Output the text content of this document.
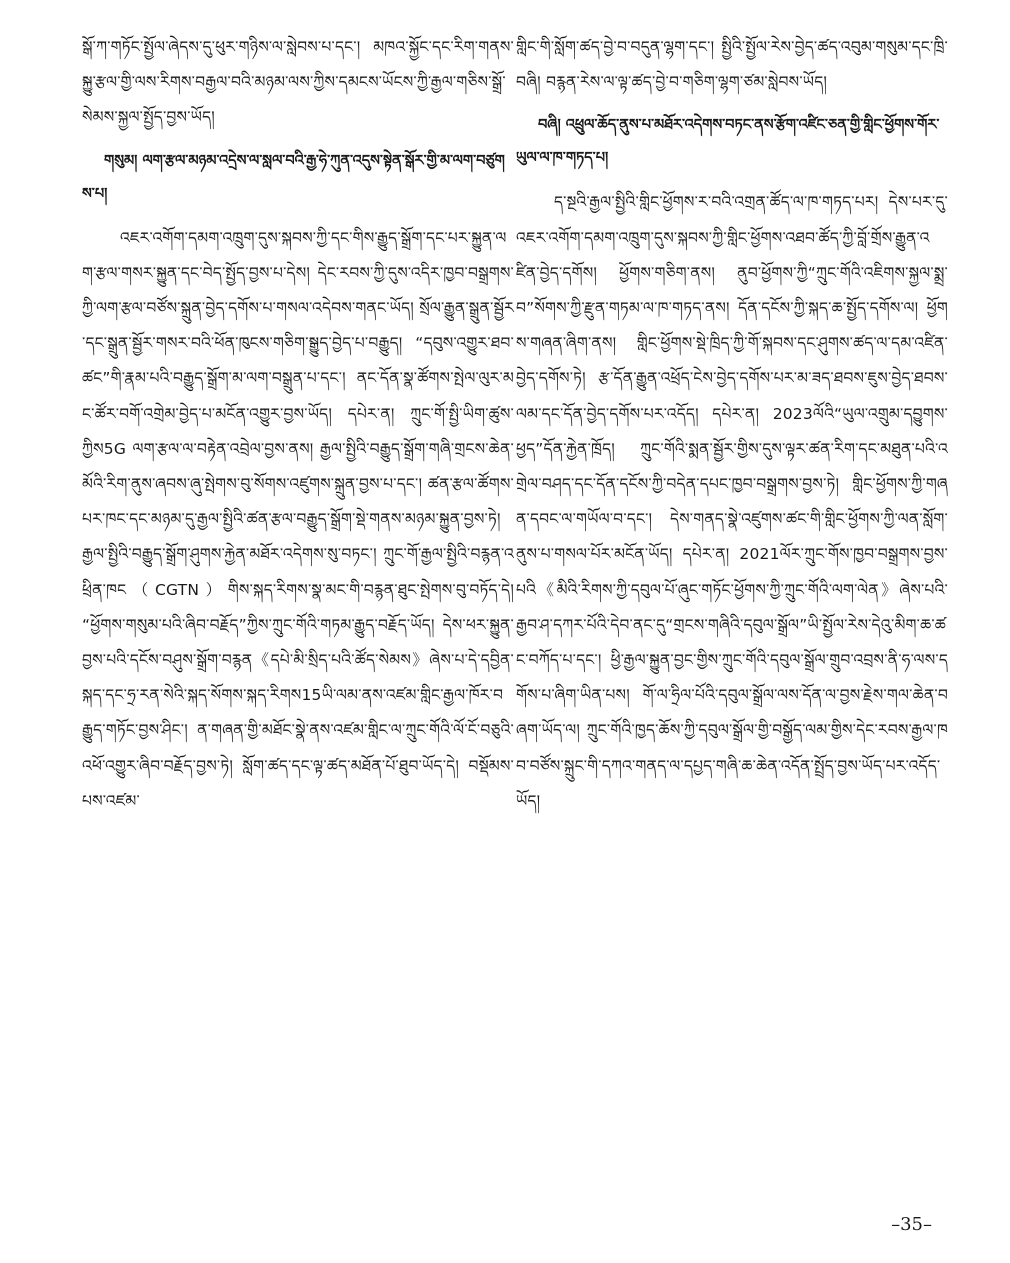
སྒོ་ཀ་གཏོང་སྤྱོལ་ཞེདས་དུ་ཕུར་གཉིས་ལ་སླེབས་པ་དང་། མཁའ་སྐྱོང་དང་རིག་གནས་སྐྱུ་རྩལ་གྱི་ལས་རིགས་བརྒྱལ་བའི་མཉམ་ལས་ཀྱིས་དམངས་ཡོངས་ཀྱི་རྒྱལ་གཅིས་སྒྲོ་སེམས་སྐྱལ་སྤྱོད་བྱས་ཡོད།

གསུམ། ལག་རྩལ་མཉམ་འདྲེས་ལ་སླལ་བའི་རྒྱ་ཧེ་ཀུན་འདུས་སྟེན་སྒོར་གྱི་མ་ལག་བཙུགས་པ།

འཇར་འགོག་དམག་འཁྲུག་དུས་སྐབས་ཀྱི་དང་གིས་རྒྱུད་སྒྲོག་དང་པར་སྐྱུན་ལག་རྩལ་གསར་སྐྱུན་དང་བེད་སྤྱོད་བྱས་པ་དེས། དེང་རབས་ཀྱི་དུས་འདིར་ཁྱབ་བསྒྲགས་ཀྱི་ལག་རྩལ་བཙོས་སྐྲུན་བྱེད་དགོས་པ་གསལ་འདེབས་གནང་ཡོད། སྲོལ་རྒྱུན་སྒྲུན་སྦྱོར་དང་སྒྲུན་སྦྱོར་གསར་བའི་ཕོན་ཁུངས་གཅིག་སྒྱུད་བྱེད་པ་བརྒྱུད། “དབུས་འགྱུར་ཐབ་ཚང”གི་རྣམ་པའི་བརྒྱུད་སྒྲོག་མ་ལག་བསྒྲུན་པ་དང་། ནང་དོན་སྣ་ཚོགས་སྤེལ་ལུར་མང་ཚོར་བགོ་འགྲེམ་བྱེད་པ་མངོན་འགྱུར་བྱས་ཡོད། དཔེར་ན། ཀྲུང་གོ་སྤྱི་ཡིག་ཚུས་ཀྱིས5G ལག་རྩལ་ལ་བརྟེན་འབྲེལ་བྱས་ནས། རྒྱལ་སྤྱིའི་བརྒྱུད་སྒྲོག་གཞི་གྲངས་ཆེན་མོའི་རིག་ནུས་ཞབས་ཞུ་སྤེགས་བུ་སོགས་འཛུགས་སྐྲུན་བྱས་པ་དང་། ཚན་རྩལ་ཚོགས་པར་ཁང་དང་མཉམ་དུ་རྒྱལ་སྤྱིའི་ཚན་རྩལ་བརྒྱུད་སྒྲོག་སྡེ་གནས་མཉམ་སྐྱུན་བྱས་ཏེ། རྒྱལ་སྤྱིའི་བརྒྱུད་སྒྲོག་ཤུགས་རྐྱེན་མཐོར་འདེགས་སུ་བཏང་། ཀྲུང་གོ་རྒྱལ་སྤྱིའི་བརྙན་འཕྲིན་ཁང（CGTN）གིས་སྐད་རིགས་སྣ་མང་གི་བརྙན་ཐུང་སྤེགས་བུ་བཏོད་དེ། “ཕྱོགས་གསུམ་པའི་ཞིབ་བརྗོད”ཀྱིས་ཀྲུང་གོའི་གཏམ་རྒྱུད་བརྗོད་ཡོད། དེས་ཕར་སྐྱུན་བྱས་པའི་དངོས་བཤུས་སྒྲོག་བརྙན《དཔེ་མི་སྲིད་པའི་ཚོད་སེམས》ཞེས་པ་དེ་དབྱིན་སྐད་དང་ཧྲ་རན་སེའི་སྐད་སོགས་སྐད་རིགས15ཡི་ལམ་ནས་འཛམ་གླིང་རྒྱལ་ཁོར་བརྒྱུད་གཏོང་བྱས་ཤིང་། ན་གཞན་གྱི་མཐོང་སྣེ་ནས་འཛམ་གླིང་ལ་ཀྲུང་གོའི་ལོ་ངོ་བཅུའི་འཕོ་འགྱུར་ཞིབ་བརྗོད་བྱས་ཏེ། སློག་ཚད་དང་ལྟ་ཚད་མཐོན་པོ་ཐུབ་ཡོད་དེ། བསྡོམས་པས་འཛམ་

གླིང་གི་སློག་ཚད་བྱེ་བ་བདུན་ལྷག་དང་། སྤྱིའི་སྤྱོལ་རེས་བྱེད་ཚད་འབུམ་གསུམ་དང་ཁྲི་བཞི། བརྙན་རེས་ལ་ལྟ་ཚད་བྱེ་བ་གཅིག་ལྷག་ཙམ་སླེབས་ཡོད།

བཞི། འཕྲུལ་ཆོད་ནུས་པ་མཐོར་འདེགས་བཏང་ནས་རྩོག་འཛིང་ཅན་གྱི་གླིང་ཕྱོགས་གོར་ཡུལ་ལ་ཁ་གཏད་པ།

ད་སྔའི་རྒྱལ་སྤྱིའི་གླིང་ཕྱོགས་ར་བའི་འགྲན་ཚོད་ལ་ཁ་གཏད་པར། དེས་པར་དུ་འཇར་འགོག་དམག་འཁྲུག་དུས་སྐབས་ཀྱི་གླིང་ཕྱོགས་འཐབ་ཚོད་ཀྱི་བློ་གྲོས་རྒྱུན་འཛིན་བྱེད་དགོས། ཕྱོགས་གཅིག་ནས། ནུབ་ཕྱོགས་ཀྱི“ཀྲུང་གོའི་འཇིགས་སྐྱལ་སྨྲ་བ”སོགས་ཀྱི་རྫུན་གཏམ་ལ་ཁ་གཏད་ནས། དོན་དངོས་ཀྱི་སྐད་ཆ་སྤྱོད་དགོས་ལ། ཕྱོགས་གཞན་ཞིག་ནས། གླིང་ཕྱོགས་སྡེ་ཁྲིད་ཀྱི་གོ་སྐབས་དང་ཤུགས་ཚད་ལ་དམ་འཛིན་བྱེད་དགོས་ཏེ། རྩ་དོན་རྒྱུན་འཕྲོད་ངེས་བྱེད་དགོས་པར་མ་ཟད་ཐབས་ཇུས་བྱེད་ཐབས་ལམ་དང་དོན་བྱེད་དགོས་པར་འདོད། དཔེར་ན། 2023ལོའི“ཡུལ་འགྲུམ་དབྱུགས་ཕྱད”དོན་རྐྱེན་ཁྲོད། ཀྲུང་གོའི་སྨན་སྦྱོར་གྱིས་དུས་ལྟར་ཚན་རིག་དང་མཐུན་པའི་འགྲེལ་བཤད་དང་དོན་དངོས་ཀྱི་བདེན་དཔང་ཁྱབ་བསྒྲགས་བྱས་ཏེ། གླིང་ཕྱོགས་ཀྱི་གཞན་དབང་ལ་གཡོལ་བ་དང་། དེས་གནད་སྣེ་འཛུགས་ཚང་གི་གླིང་ཕྱོགས་ཀྱི་ལན་སློག་ནུས་པ་གསལ་པོར་མངོན་ཡོད། དཔེར་ན། 2021ལོར་ཀྲུང་གོས་ཁྱབ་བསྒྲགས་བྱས་པའི《མིའི་རིགས་ཀྱི་དབུལ་པོ་ཞུང་གཏོང་ཕྱོགས་ཀྱི་ཀྲུང་གོའི་ལག་ལེན》ཞེས་པའི་རྒྱབ་ཤ་དཀར་པོའི་དེབ་ནང་དུ“གྲངས་གཞིའི་དབུལ་སྒྲོལ”ཡི་སྤྱོལ་རེས་དེའུ་མིག་ཆ་ཚང་བཀོད་པ་དང་། ཕྱི་རྒྱལ་སྐྱུན་བྱང་གྱིས་ཀྲུང་གོའི་དབུལ་སྒྲོལ་གྲུབ་འབྲས་ནི་ཧ་ལས་དགོས་པ་ཞིག་ཡིན་པས། གོ་ལ་ཧྲིལ་པོའི་དབུལ་སྒྲོལ་ལས་དོན་ལ་བྱས་རྗེས་གལ་ཆེན་བཞག་ཡོད་ལ། ཀྲུང་གོའི་ཁྱད་ཆོས་ཀྱི་དབུལ་སྒྲོལ་གྱི་བསྒྱོད་ལམ་གྱིས་དེང་རབས་རྒྱལ་ཁབ་བཙོས་སྐྲུང་གི་དཀའ་གནད་ལ་དཔྱད་གཞི་ཆ་ཆེན་འདོན་སྤྲོད་བྱས་ཡོད་པར་འདོད་ཡོད།

–35–
